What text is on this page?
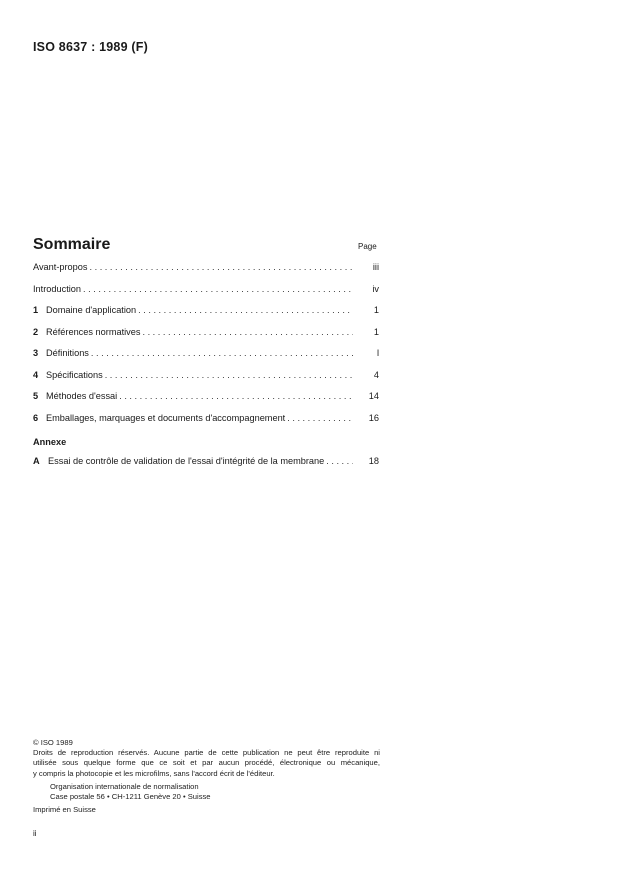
ISO 8637 : 1989 (F)
Sommaire	Page
Avant-propos . . .	iii
Introduction . . .	iv
1 Domaine d'application . . .	1
2 Références normatives . . .	1
3 Définitions . . .	l
4 Spécifications . . .	4
5 Méthodes d'essai . . .	14
6 Emballages, marquages et documents d'accompagnement . . .	16
Annexe
A Essai de contrôle de validation de l'essai d'intégrité de la membrane . . .	18
© ISO 1989
Droits de reproduction réservés. Aucune partie de cette publication ne peut être reproduite ni
utilisée sous quelque forme que ce soit et par aucun procédé, électronique ou mécanique,
y compris la photocopie et les microfilms, sans l'accord écrit de l'éditeur.
Organisation internationale de normalisation
Case postale 56 • CH-1211 Genève 20 • Suisse
Imprimé en Suisse
ii
